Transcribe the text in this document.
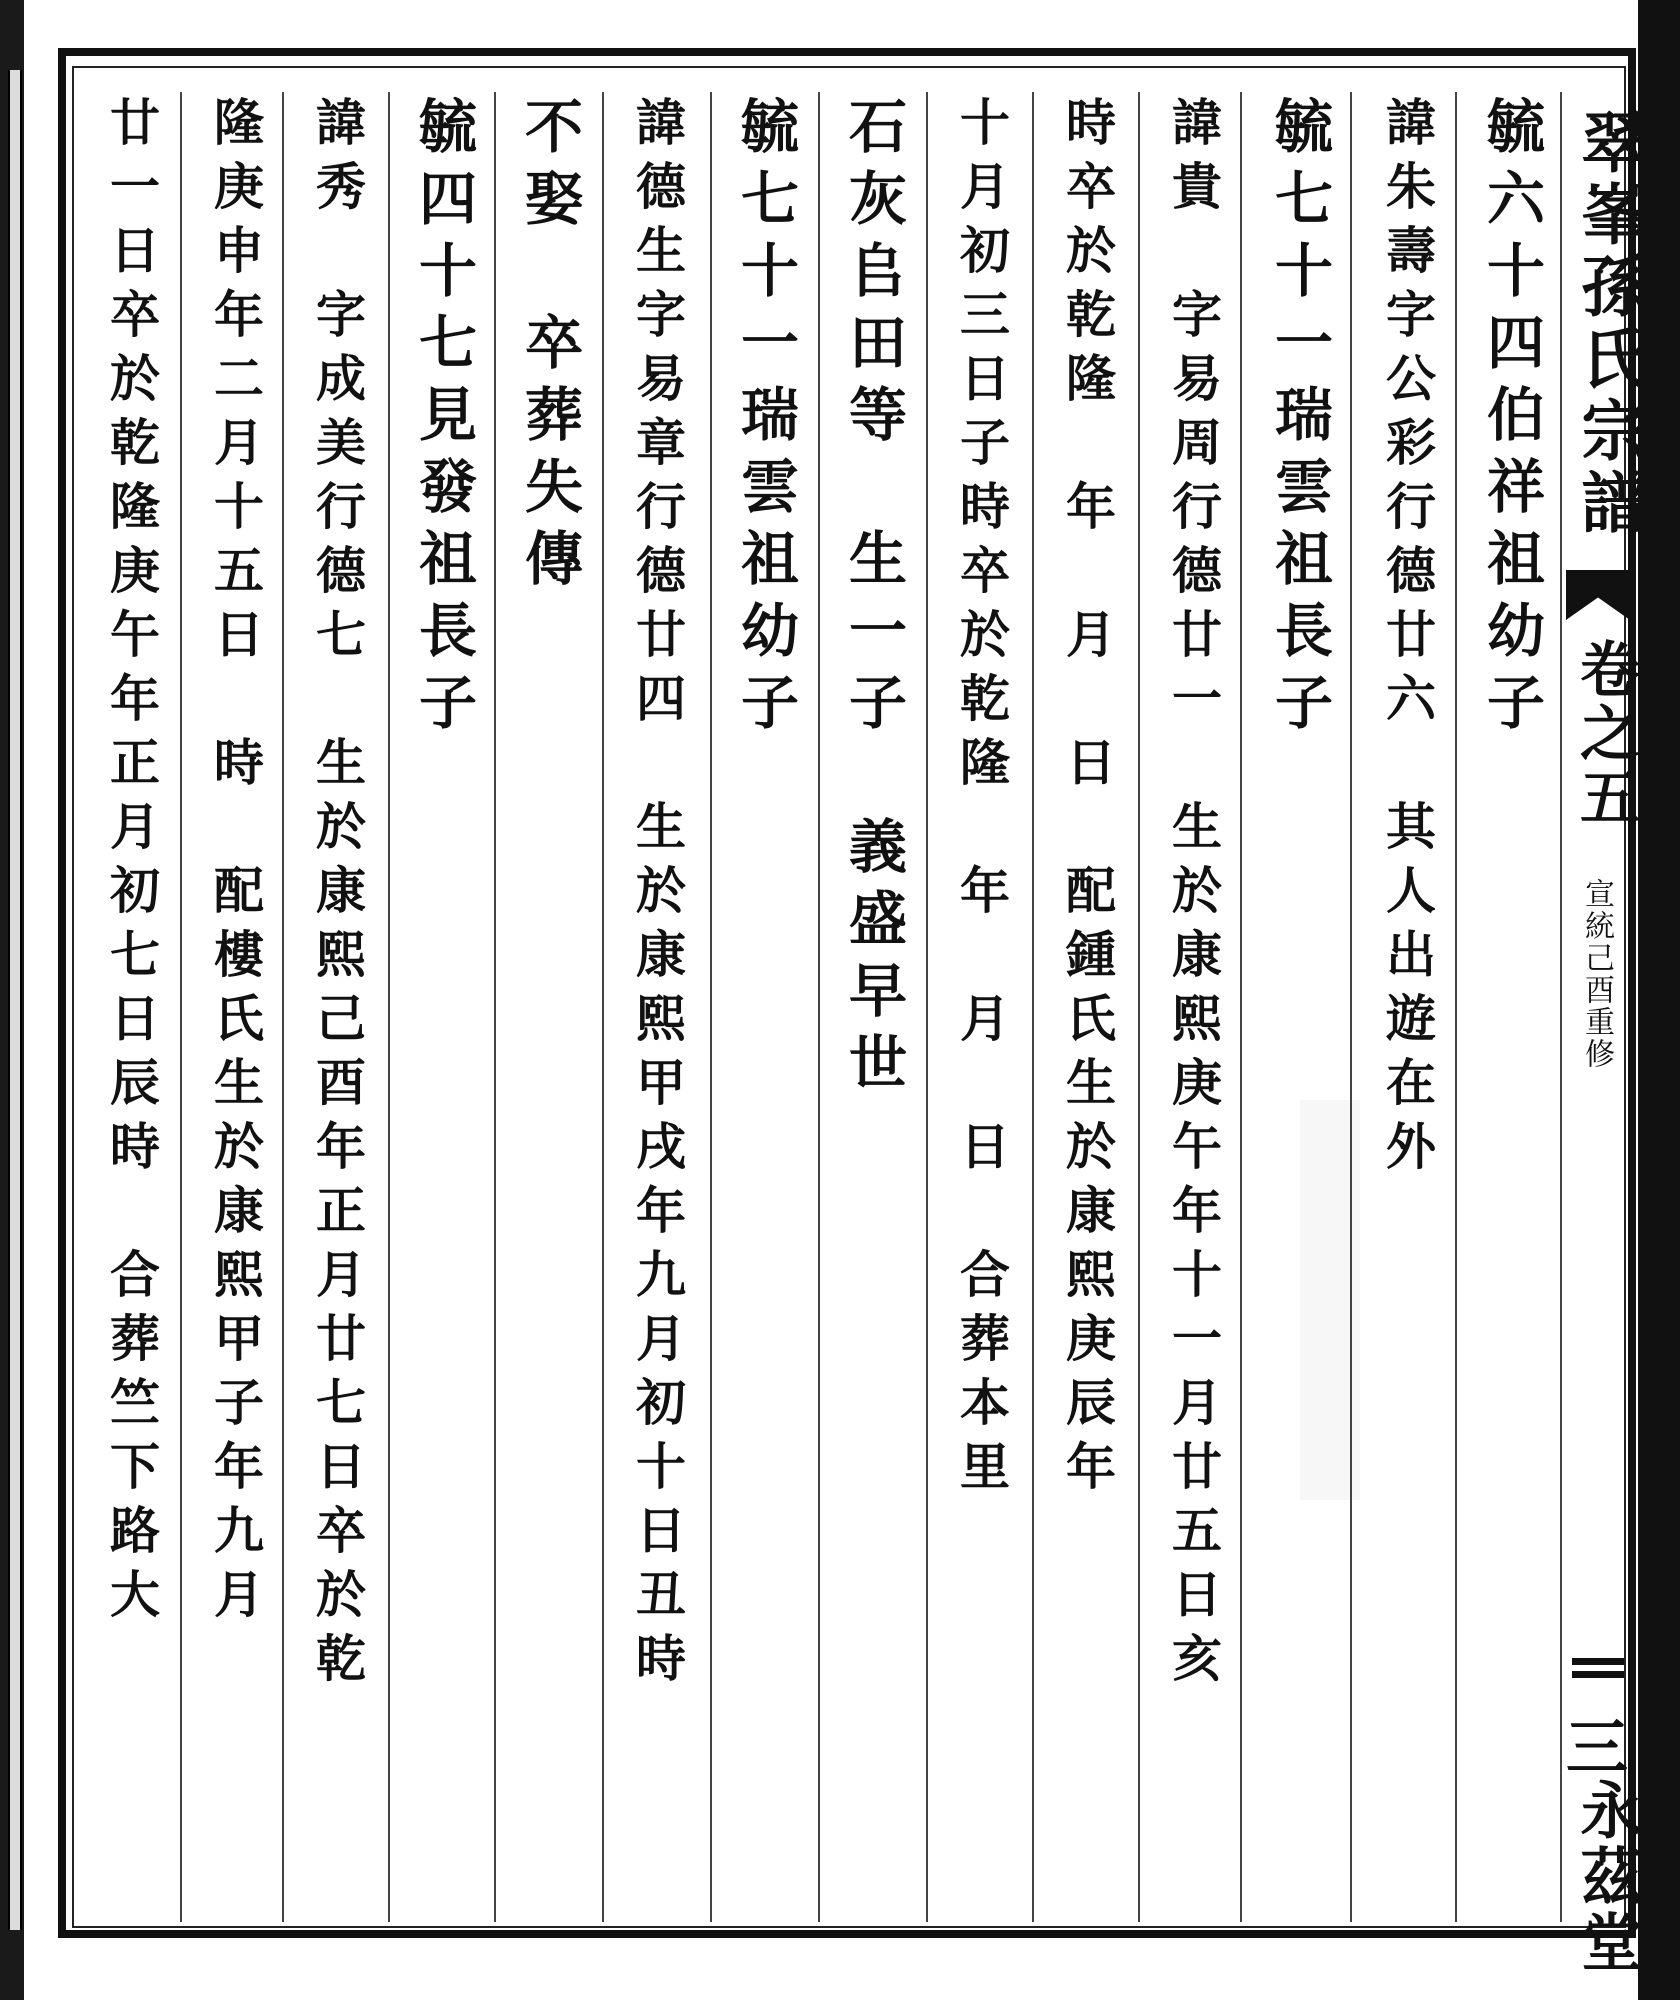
翠峯孫氏宗譜
卷之五
宣統己酉重修
三
永茲堂
毓六十四伯祥祖幼子
諱朱壽字公彩行德廿六　其人出遊在外
毓七十一瑞雲祖長子
諱貴　字易周行德廿一　生於康熙庚午年十一月廿五日亥
時卒於乾隆　年　月　日　配鍾氏生於康熙庚辰年
十月初三日子時卒於乾隆　年　月　日　合葬本里
石灰𠂤田等　生一子　義盛早世
毓七十一瑞雲祖幼子
諱德生字易章行德廿四　生於康熙甲戌年九月初十日丑時
不娶　卒葬失傳
毓四十七見發祖長子
諱秀　字成美行德七　生於康熙己酉年正月廿七日卒於乾
隆庚申年二月十五日　時　配樓氏生於康熙甲子年九月
廿一日卒於乾隆庚午年正月初七日辰時　合葬竺下路大
